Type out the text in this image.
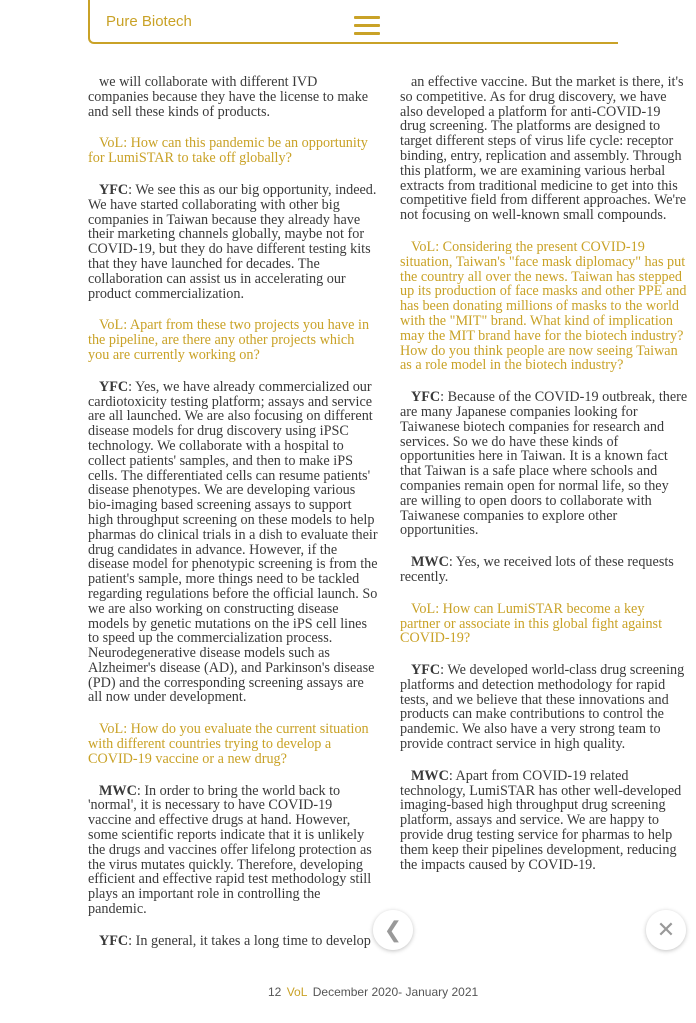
Pure Biotech

we will collaborate with different IVD companies because they have the license to make and sell these kinds of products.

VoL: How can this pandemic be an opportunity for LumiSTAR to take off globally?

YFC: We see this as our big opportunity, indeed. We have started collaborating with other big companies in Taiwan because they already have their marketing channels globally, maybe not for COVID-19, but they do have different testing kits that they have launched for decades. The collaboration can assist us in accelerating our product commercialization.

VoL: Apart from these two projects you have in the pipeline, are there any other projects which you are currently working on?

YFC: Yes, we have already commercialized our cardiotoxicity testing platform; assays and service are all launched. We are also focusing on different disease models for drug discovery using iPSC technology. We collaborate with a hospital to collect patients' samples, and then to make iPS cells. The differentiated cells can resume patients' disease phenotypes. We are developing various bio-imaging based screening assays to support high throughput screening on these models to help pharmas do clinical trials in a dish to evaluate their drug candidates in advance. However, if the disease model for phenotypic screening is from the patient's sample, more things need to be tackled regarding regulations before the official launch. So we are also working on constructing disease models by genetic mutations on the iPS cell lines to speed up the commercialization process. Neurodegenerative disease models such as Alzheimer's disease (AD), and Parkinson's disease (PD) and the corresponding screening assays are all now under development.

VoL: How do you evaluate the current situation with different countries trying to develop a COVID-19 vaccine or a new drug?

MWC: In order to bring the world back to 'normal', it is necessary to have COVID-19 vaccine and effective drugs at hand. However, some scientific reports indicate that it is unlikely the drugs and vaccines offer lifelong protection as the virus mutates quickly. Therefore, developing efficient and effective rapid test methodology still plays an important role in controlling the pandemic.

YFC: In general, it takes a long time to develop

an effective vaccine. But the market is there, it's so competitive. As for drug discovery, we have also developed a platform for anti-COVID-19 drug screening. The platforms are designed to target different steps of virus life cycle: receptor binding, entry, replication and assembly. Through this platform, we are examining various herbal extracts from traditional medicine to get into this competitive field from different approaches. We're not focusing on well-known small compounds.

VoL: Considering the present COVID-19 situation, Taiwan's "face mask diplomacy" has put the country all over the news. Taiwan has stepped up its production of face masks and other PPE and has been donating millions of masks to the world with the "MIT" brand. What kind of implication may the MIT brand have for the biotech industry? How do you think people are now seeing Taiwan as a role model in the biotech industry?

YFC: Because of the COVID-19 outbreak, there are many Japanese companies looking for Taiwanese biotech companies for research and services. So we do have these kinds of opportunities here in Taiwan. It is a known fact that Taiwan is a safe place where schools and companies remain open for normal life, so they are willing to open doors to collaborate with Taiwanese companies to explore other opportunities.

MWC: Yes, we received lots of these requests recently.

VoL: How can LumiSTAR become a key partner or associate in this global fight against COVID-19?

YFC: We developed world-class drug screening platforms and detection methodology for rapid tests, and we believe that these innovations and products can make contributions to control the pandemic. We also have a very strong team to provide contract service in high quality.

MWC: Apart from COVID-19 related technology, LumiSTAR has other well-developed imaging-based high throughput drug screening platform, assays and service. We are happy to provide drug testing service for pharmas to help them keep their pipelines development, reducing the impacts caused by COVID-19.

12 VoL December 2020- January 2021
❮	✕
